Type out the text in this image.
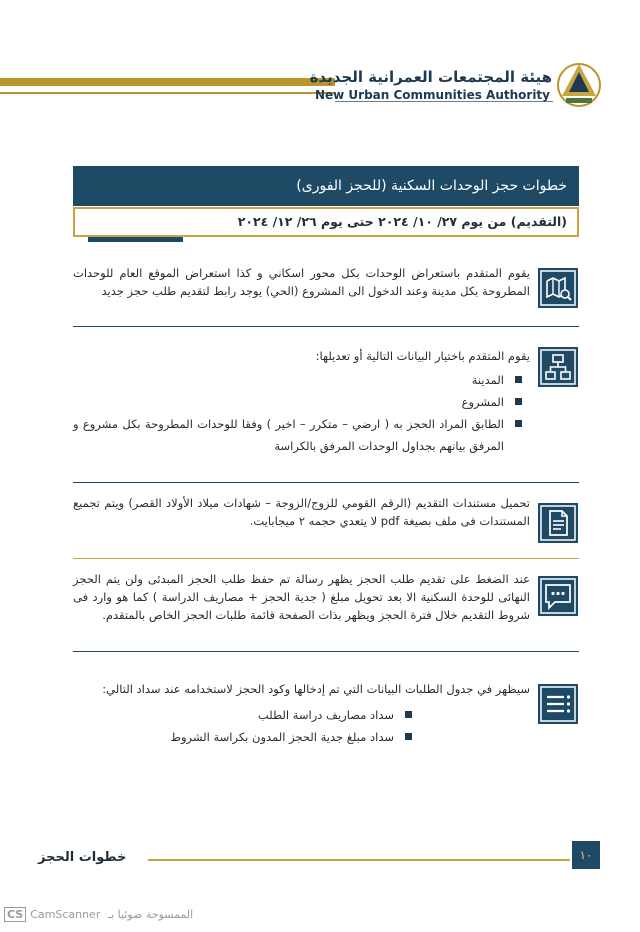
هيئة المجتمعات العمرانية الجديدة
New Urban Communities Authority
خطوات حجز الوحدات السكنية (للحجز الفورى)
(التقديم) من يوم ٢٧/ ١٠/ ٢٠٢٤ حتى يوم ٢٦/ ١٢/ ٢٠٢٤
يقوم المتقدم باستعراض الوحدات بكل محور اسكاني و كذا استعراض الموقع العام للوحدات المطروحة بكل مدينة وعند الدخول الى المشروع (الحي) يوجد رابط لتقديم طلب حجز جديد

يقوم المتقدم باختيار البيانات التالية أو تعديلها:

المدينة
المشروع
الطابق المراد الحجز به ( ارضي – متكرر – اخير ) وفقا للوحدات المطروحة بكل مشروع و المرفق بيانهم بجداول الوحدات المرفق بالكراسة
تحميل مستندات التقديم (الرقم القومي للزوج/الزوجة – شهادات ميلاد الأولاد القصر) ويتم تجميع المستندات فى ملف بصيغة pdf لا يتعدي حجمه ٢ ميجابايت.
عند الضغط على تقديم طلب الحجز يظهر رسالة تم حفظ طلب الحجز المبدئى ولن يتم الحجز النهائى للوحدة السكنية الا بعد تحويل مبلغ ( جدية الحجز + مصاريف الدراسة ) كما هو وارد فى شروط التقديم خلال فترة الحجز ويظهر بذات الصفحة قائمة طلبات الحجز الخاص بالمتقدم.

سيظهر في جدول الطلبات البيانات التي تم إدخالها وكود الحجز لاستخدامه عند سداد التالي:

سداد مصاريف دراسة الطلب
سداد مبلغ جدية الحجز المدون بكراسة الشروط
خطوات الحجز	١٠
CS CamScanner الممسوحة ضوئيا بـ
